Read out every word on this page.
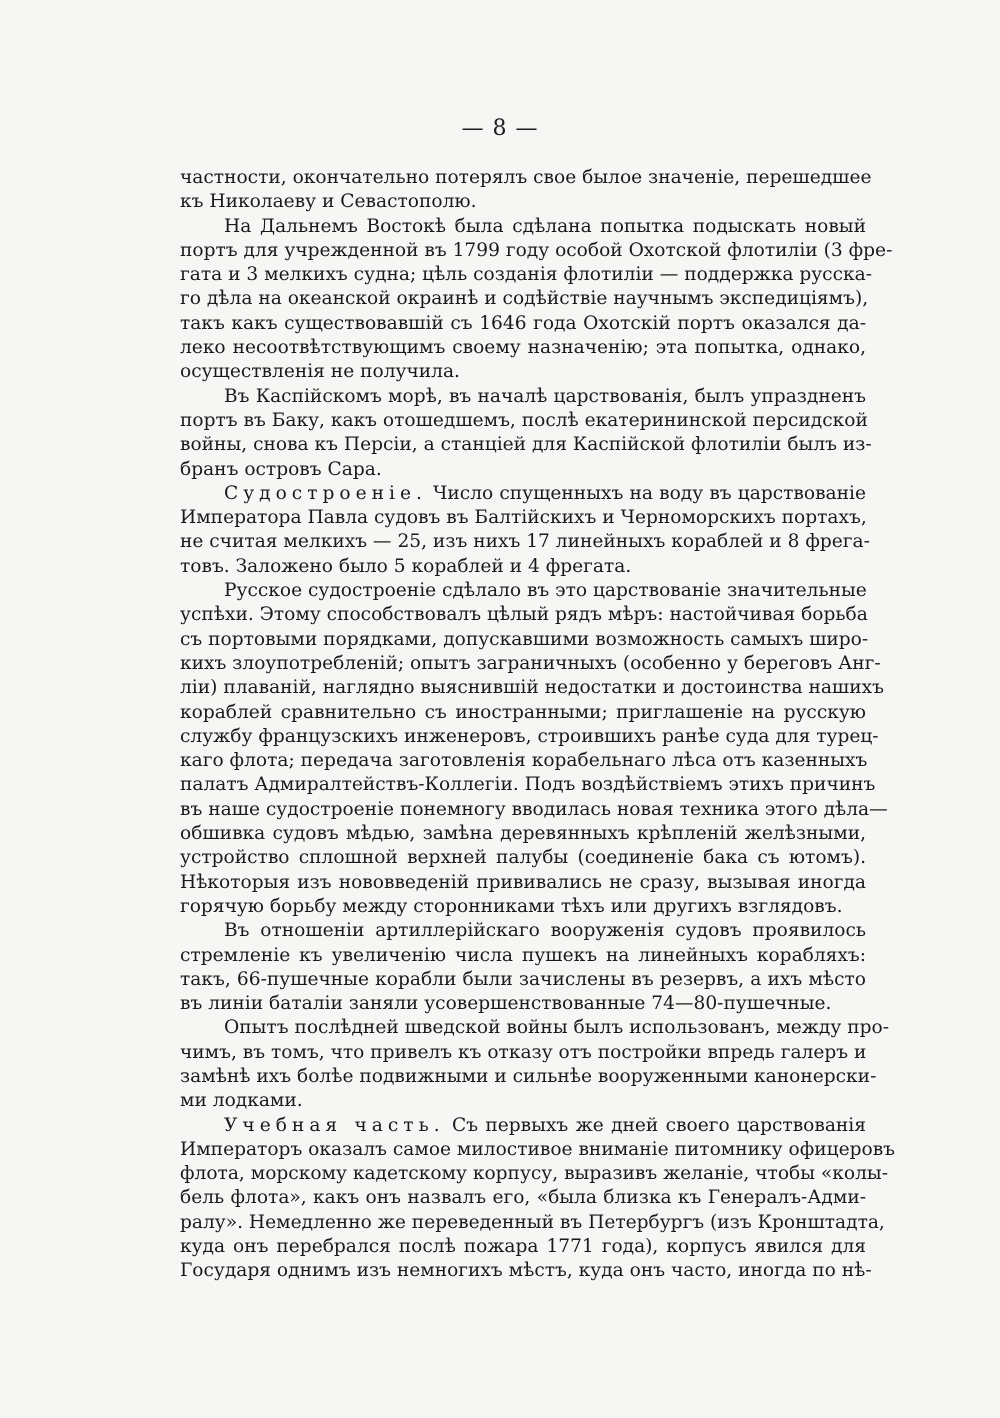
— 8 —
частности, окончательно потерялъ свое былое значенiе, перешедшее
къ Николаеву и Севастополю.
На Дальнемъ Востокѣ была сдѣлана попытка подыскать новый
портъ для учрежденной въ 1799 году особой Охотской флотилiи (3 фре-
гата и 3 мелкихъ судна; цѣль созданiя флотилiи — поддержка русска-
го дѣла на океанской окраинѣ и содѣйствiе научнымъ экспедицiямъ),
такъ какъ существовавшiй съ 1646 года Охотскiй портъ оказался да-
леко несоотвѣтствующимъ своему назначенiю; эта попытка, однако,
осуществленiя не получила.
Въ Каспiйскомъ морѣ, въ началѣ царствованiя, былъ упраздненъ
портъ въ Баку, какъ отошедшемъ, послѣ екатерининской персидской
войны, снова къ Персiи, а станцiей для Каспiйской флотилiи былъ из-
бранъ островъ Сара.
Судостроенiе. Число спущенныхъ на воду въ царствованiе
Императора Павла судовъ въ Балтiйскихъ и Черноморскихъ портахъ,
не считая мелкихъ — 25, изъ нихъ 17 линейныхъ кораблей и 8 фрега-
товъ. Заложено было 5 кораблей и 4 фрегата.
Русское судостроенiе сдѣлало въ это царствованiе значительные
успѣхи. Этому способствовалъ цѣлый рядъ мѣръ: настойчивая борьба
съ портовыми порядками, допускавшими возможность самыхъ широ-
кихъ злоупотребленiй; опытъ заграничныхъ (особенно у береговъ Анг-
лiи) плаванiй, наглядно выяснившiй недостатки и достоинства нашихъ
кораблей сравнительно съ иностранными; приглашенiе на русскую
службу французскихъ инженеровъ, строившихъ ранѣе суда для турец-
каго флота; передача заготовленiя корабельнаго лѣса отъ казенныхъ
палатъ Адмиралтействъ-Коллегiи. Подъ воздѣйствiемъ этихъ причинъ
въ наше судостроенiе понемногу вводилась новая техника этого дѣла—
обшивка судовъ мѣдью, замѣна деревянныхъ крѣпленiй желѣзными,
устройство сплошной верхней палубы (соединенiе бака съ ютомъ).
Нѣкоторыя изъ нововведенiй прививались не сразу, вызывая иногда
горячую борьбу между сторонниками тѣхъ или другихъ взглядовъ.
Въ отношенiи артиллерiйскаго вооруженiя судовъ проявилось
стремленiе къ увеличенiю числа пушекъ на линейныхъ корабляхъ:
такъ, 66-пушечные корабли были зачислены въ резервъ, а ихъ мѣсто
въ линiи баталiи заняли усовершенствованные 74—80-пушечные.
Опытъ послѣдней шведской войны былъ использованъ, между про-
чимъ, въ томъ, что привелъ къ отказу отъ постройки впредь галеръ и
замѣнѣ ихъ болѣе подвижными и сильнѣе вооруженными канонерски-
ми лодками.
Учебная часть. Съ первыхъ же дней своего царствованiя
Императоръ оказалъ самое милостивое вниманiе питомнику офицеровъ
флота, морскому кадетскому корпусу, выразивъ желанiе, чтобы «колы-
бель флота», какъ онъ назвалъ его, «была близка къ Генералъ-Адми-
ралу». Немедленно же переведенный въ Петербургъ (изъ Кронштадта,
куда онъ перебрался послѣ пожара 1771 года), корпусъ явился для
Государя однимъ изъ немногихъ мѣстъ, куда онъ часто, иногда по нѣ-
